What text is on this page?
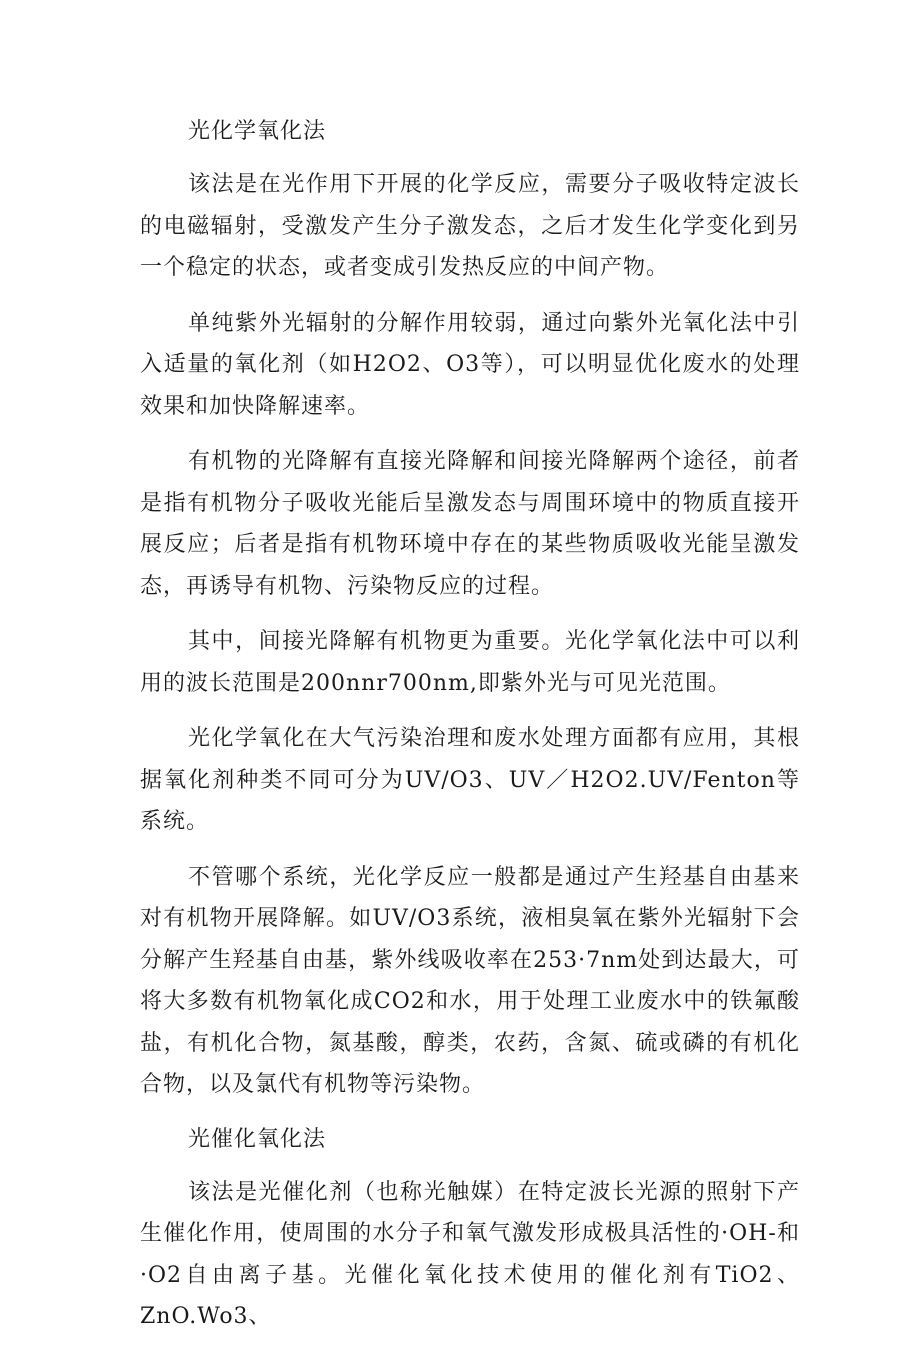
光化学氧化法

该法是在光作用下开展的化学反应，需要分子吸收特定波长的电磁辐射，受激发产生分子激发态，之后才发生化学变化到另一个稳定的状态，或者变成引发热反应的中间产物。

单纯紫外光辐射的分解作用较弱，通过向紫外光氧化法中引入适量的氧化剂（如H2O2、O3等），可以明显优化废水的处理效果和加快降解速率。

有机物的光降解有直接光降解和间接光降解两个途径，前者是指有机物分子吸收光能后呈激发态与周围环境中的物质直接开展反应；后者是指有机物环境中存在的某些物质吸收光能呈激发态，再诱导有机物、污染物反应的过程。

其中，间接光降解有机物更为重要。光化学氧化法中可以利用的波长范围是200nnr700nm,即紫外光与可见光范围。

光化学氧化在大气污染治理和废水处理方面都有应用，其根据氧化剂种类不同可分为UV/O3、UV／H2O2.UV/Fenton等系统。

不管哪个系统，光化学反应一般都是通过产生羟基自由基来对有机物开展降解。如UV/O3系统，液相臭氧在紫外光辐射下会分解产生羟基自由基，紫外线吸收率在253·7nm处到达最大，可将大多数有机物氧化成CO2和水，用于处理工业废水中的铁氟酸盐，有机化合物，氮基酸，醇类，农药，含氮、硫或磷的有机化合物，以及氯代有机物等污染物。

光催化氧化法

该法是光催化剂（也称光触媒）在特定波长光源的照射下产生催化作用，使周围的水分子和氧气激发形成极具活性的·OH-和·O2自由离子基。光催化氧化技术使用的催化剂有TiO2、ZnO.Wo3、
